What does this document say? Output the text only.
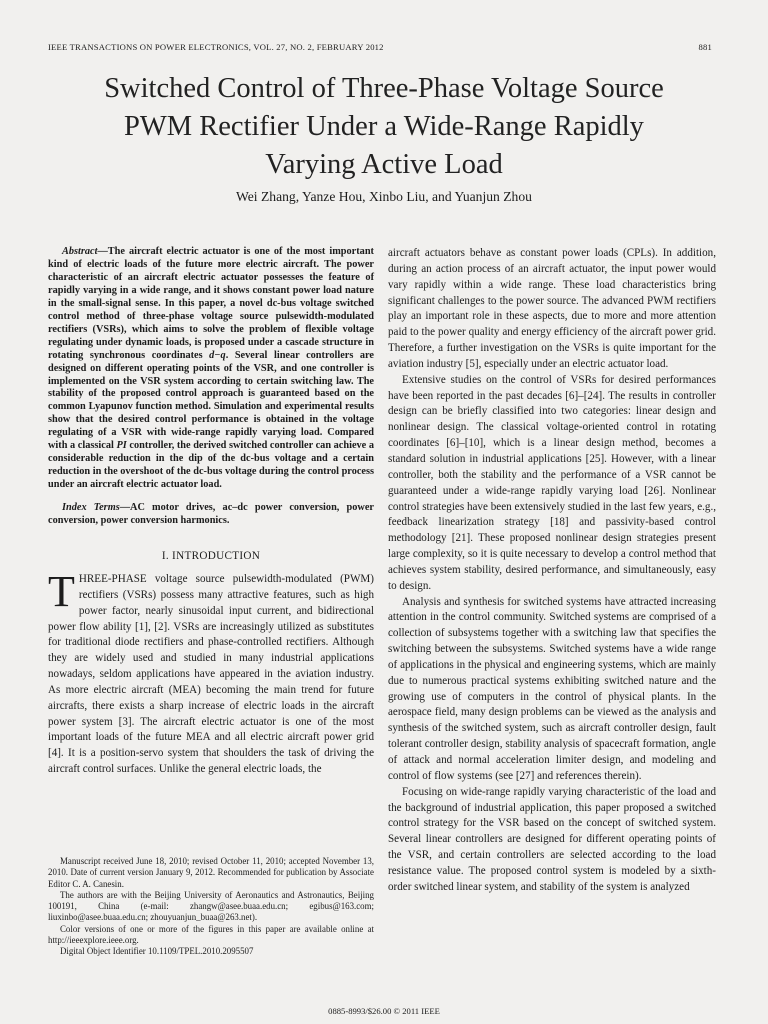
IEEE TRANSACTIONS ON POWER ELECTRONICS, VOL. 27, NO. 2, FEBRUARY 2012	881
Switched Control of Three-Phase Voltage Source
PWM Rectifier Under a Wide-Range Rapidly
Varying Active Load
Wei Zhang, Yanze Hou, Xinbo Liu, and Yuanjun Zhou

Abstract—The aircraft electric actuator is one of the most important kind of electric loads of the future more electric aircraft. The power characteristic of an aircraft electric actuator possesses the feature of rapidly varying in a wide range, and it shows constant power load nature in the small-signal sense. In this paper, a novel dc-bus voltage switched control method of three-phase voltage source pulsewidth-modulated rectifiers (VSRs), which aims to solve the problem of flexible voltage regulating under dynamic loads, is proposed under a cascade structure in rotating synchronous coordinates d−q. Several linear controllers are designed on different operating points of the VSR, and one controller is implemented on the VSR system according to certain switching law. The stability of the proposed control approach is guaranteed based on the common Lyapunov function method. Simulation and experimental results show that the desired control performance is obtained in the voltage regulating of a VSR with wide-range rapidly varying load. Compared with a classical PI controller, the derived switched controller can achieve a considerable reduction in the dip of the dc-bus voltage and a certain reduction in the overshoot of the dc-bus voltage during the control process under an aircraft electric actuator load.

Index Terms—AC motor drives, ac–dc power conversion, power conversion, power conversion harmonics.

I. INTRODUCTION

THREE-PHASE voltage source pulsewidth-modulated (PWM) rectifiers (VSRs) possess many attractive features, such as high power factor, nearly sinusoidal input current, and bidirectional power flow ability [1], [2]. VSRs are increasingly utilized as substitutes for traditional diode rectifiers and phase-controlled rectifiers. Although they are widely used and studied in many industrial applications nowadays, seldom applications have appeared in the aviation industry. As more electric aircraft (MEA) becoming the main trend for future aircrafts, there exists a sharp increase of electric loads in the aircraft power system [3]. The aircraft electric actuator is one of the most important loads of the future MEA and all electric aircraft power grid [4]. It is a position-servo system that shoulders the task of driving the aircraft control surfaces. Unlike the general electric loads, the

Manuscript received June 18, 2010; revised October 11, 2010; accepted November 13, 2010. Date of current version January 9, 2012. Recommended for publication by Associate Editor C. A. Canesin.

The authors are with the Beijing University of Aeronautics and Astronautics, Beijing 100191, China (e-mail: zhangw@asee.buaa.edu.cn; egibus@163.com; liuxinbo@asee.buaa.edu.cn; zhouyuanjun_buaa@263.net).

Color versions of one or more of the figures in this paper are available online at http://ieeexplore.ieee.org.

Digital Object Identifier 10.1109/TPEL.2010.2095507

aircraft actuators behave as constant power loads (CPLs). In addition, during an action process of an aircraft actuator, the input power would vary rapidly within a wide range. These load characteristics bring significant challenges to the power source. The advanced PWM rectifiers play an important role in these aspects, due to more and more attention paid to the power quality and energy efficiency of the aircraft power grid. Therefore, a further investigation on the VSRs is quite important for the aviation industry [5], especially under an electric actuator load.

Extensive studies on the control of VSRs for desired performances have been reported in the past decades [6]–[24]. The results in controller design can be briefly classified into two categories: linear design and nonlinear design. The classical voltage-oriented control in rotating coordinates [6]–[10], which is a linear design method, becomes a standard solution in industrial applications [25]. However, with a linear controller, both the stability and the performance of a VSR cannot be guaranteed under a wide-range rapidly varying load [26]. Nonlinear control strategies have been extensively studied in the last few years, e.g., feedback linearization strategy [18] and passivity-based control methodology [21]. These proposed nonlinear design strategies present large complexity, so it is quite necessary to develop a control method that achieves system stability, desired performance, and simultaneously, easy to design.

Analysis and synthesis for switched systems have attracted increasing attention in the control community. Switched systems are comprised of a collection of subsystems together with a switching law that specifies the switching between the subsystems. Switched systems have a wide range of applications in the physical and engineering systems, which are mainly due to numerous practical systems exhibiting switched nature and the growing use of computers in the control of physical plants. In the aerospace field, many design problems can be viewed as the analysis and synthesis of the switched system, such as aircraft controller design, fault tolerant controller design, stability analysis of spacecraft formation, angle of attack and normal acceleration limiter design, and modeling and control of flow systems (see [27] and references therein).

Focusing on wide-range rapidly varying characteristic of the load and the background of industrial application, this paper proposed a switched control strategy for the VSR based on the concept of switched system. Several linear controllers are designed for different operating points of the VSR, and certain controllers are selected according to the load resistance value. The proposed control system is modeled by a sixth-order switched linear system, and stability of the system is analyzed

0885-8993/$26.00 © 2011 IEEE
